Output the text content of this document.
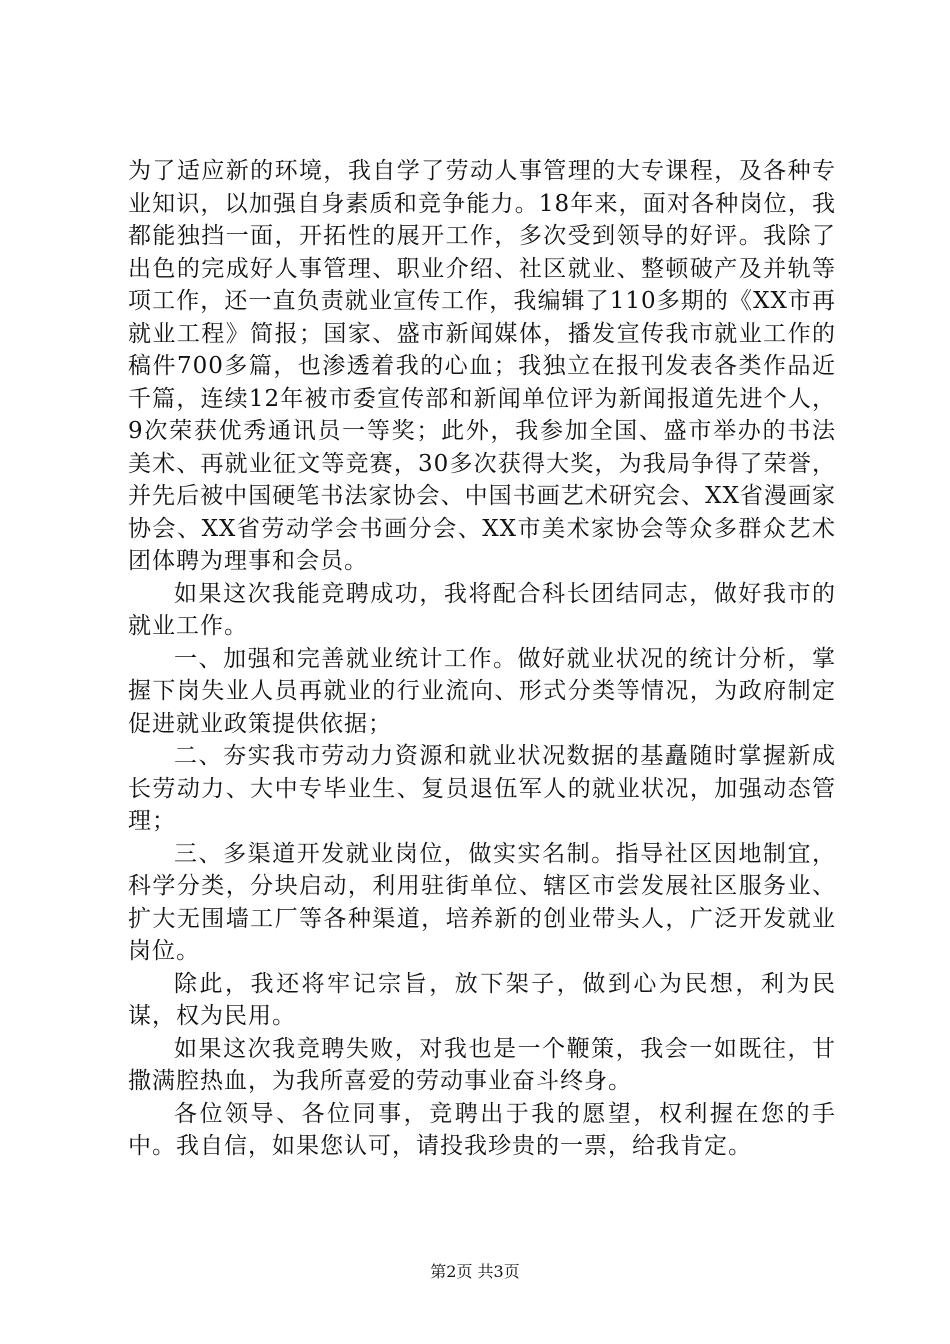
为了适应新的环境，我自学了劳动人事管理的大专课程，及各种专业知识，以加强自身素质和竞争能力。18年来，面对各种岗位，我都能独挡一面，开拓性的展开工作，多次受到领导的好评。我除了出色的完成好人事管理、职业介绍、社区就业、整顿破产及并轨等项工作，还一直负责就业宣传工作，我编辑了110多期的《XX市再就业工程》简报；国家、盛市新闻媒体，播发宣传我市就业工作的稿件700多篇，也渗透着我的心血；我独立在报刊发表各类作品近千篇，连续12年被市委宣传部和新闻单位评为新闻报道先进个人，9次荣获优秀通讯员一等奖；此外，我参加全国、盛市举办的书法美术、再就业征文等竞赛，30多次获得大奖，为我局争得了荣誉，并先后被中国硬笔书法家协会、中国书画艺术研究会、XX省漫画家协会、XX省劳动学会书画分会、XX市美术家协会等众多群众艺术团体聘为理事和会员。

如果这次我能竞聘成功，我将配合科长团结同志，做好我市的就业工作。

一、加强和完善就业统计工作。做好就业状况的统计分析，掌握下岗失业人员再就业的行业流向、形式分类等情况，为政府制定促进就业政策提供依据；

二、夯实我市劳动力资源和就业状况数据的基矗随时掌握新成长劳动力、大中专毕业生、复员退伍军人的就业状况，加强动态管理；

三、多渠道开发就业岗位，做实实名制。指导社区因地制宜，科学分类，分块启动，利用驻街单位、辖区市尝发展社区服务业、扩大无围墙工厂等各种渠道，培养新的创业带头人，广泛开发就业岗位。

除此，我还将牢记宗旨，放下架子，做到心为民想，利为民谋，权为民用。

如果这次我竞聘失败，对我也是一个鞭策，我会一如既往，甘撒满腔热血，为我所喜爱的劳动事业奋斗终身。

各位领导、各位同事，竞聘出于我的愿望，权利握在您的手中。我自信，如果您认可，请投我珍贵的一票，给我肯定。

第2页 共3页
